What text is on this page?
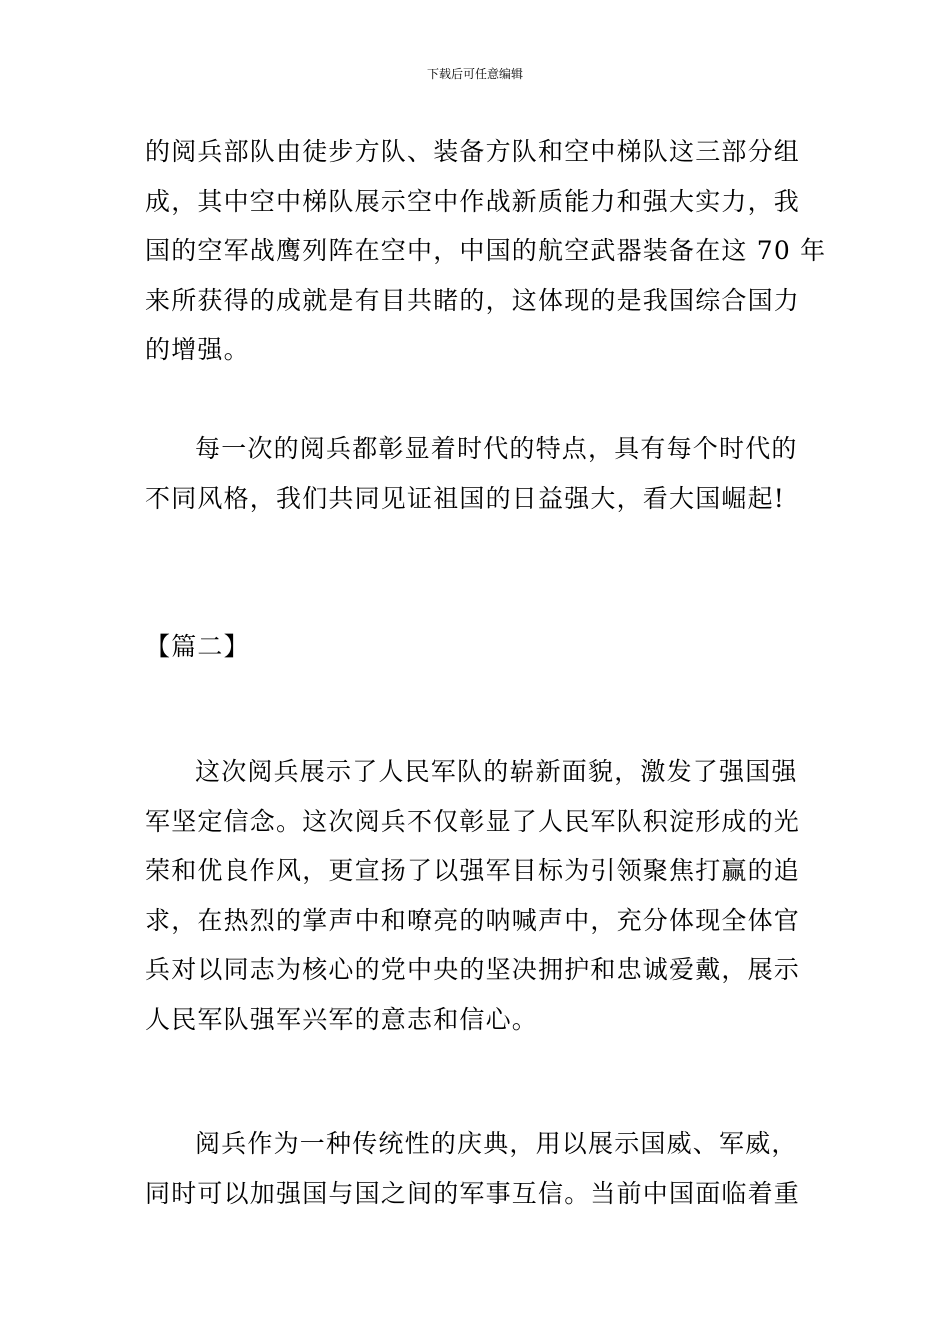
下载后可任意编辑
的阅兵部队由徒步方队、装备方队和空中梯队这三部分组
成，其中空中梯队展示空中作战新质能力和强大实力，我
国的空军战鹰列阵在空中，中国的航空武器装备在这 70 年
来所获得的成就是有目共睹的，这体现的是我国综合国力
的增强。
每一次的阅兵都彰显着时代的特点，具有每个时代的
不同风格，我们共同见证祖国的日益强大，看大国崛起!
【篇二】
这次阅兵展示了人民军队的崭新面貌，激发了强国强
军坚定信念。这次阅兵不仅彰显了人民军队积淀形成的光
荣和优良作风，更宣扬了以强军目标为引领聚焦打赢的追
求，在热烈的掌声中和嘹亮的呐喊声中，充分体现全体官
兵对以同志为核心的党中央的坚决拥护和忠诚爱戴，展示
人民军队强军兴军的意志和信心。
阅兵作为一种传统性的庆典，用以展示国威、军威，
同时可以加强国与国之间的军事互信。当前中国面临着重
